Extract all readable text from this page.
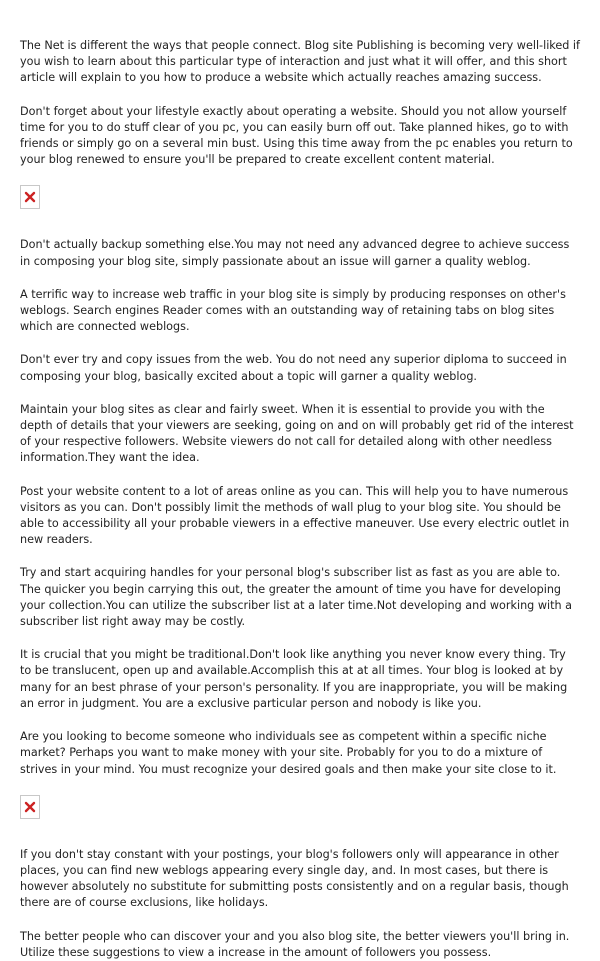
The Net is different the ways that people connect. Blog site Publishing is becoming very well-liked if you wish to learn about this particular type of interaction and just what it will offer, and this short article will explain to you how to produce a website which actually reaches amazing success.

Don't forget about your lifestyle exactly about operating a website. Should you not allow yourself time for you to do stuff clear of you pc, you can easily burn off out. Take planned hikes, go to with friends or simply go on a several min bust. Using this time away from the pc enables you return to your blog renewed to ensure you'll be prepared to create excellent content material.

Don't actually backup something else.You may not need any advanced degree to achieve success in composing your blog site, simply passionate about an issue will garner a quality weblog.

A terrific way to increase web traffic in your blog site is simply by producing responses on other's weblogs. Search engines Reader comes with an outstanding way of retaining tabs on blog sites which are connected weblogs.

Don't ever try and copy issues from the web. You do not need any superior diploma to succeed in composing your blog, basically excited about a topic will garner a quality weblog.

Maintain your blog sites as clear and fairly sweet. When it is essential to provide you with the depth of details that your viewers are seeking, going on and on will probably get rid of the interest of your respective followers. Website viewers do not call for detailed along with other needless information.They want the idea.

Post your website content to a lot of areas online as you can. This will help you to have numerous visitors as you can. Don't possibly limit the methods of wall plug to your blog site. You should be able to accessibility all your probable viewers in a effective maneuver. Use every electric outlet in new readers.

Try and start acquiring handles for your personal blog's subscriber list as fast as you are able to. The quicker you begin carrying this out, the greater the amount of time you have for developing your collection.You can utilize the subscriber list at a later time.Not developing and working with a subscriber list right away may be costly.

It is crucial that you might be traditional.Don't look like anything you never know every thing. Try to be translucent, open up and available.Accomplish this at at all times. Your blog is looked at by many for an best phrase of your person's personality. If you are inappropriate, you will be making an error in judgment. You are a exclusive particular person and nobody is like you.

Are you looking to become someone who individuals see as competent within a specific niche market? Perhaps you want to make money with your site. Probably for you to do a mixture of strives in your mind. You must recognize your desired goals and then make your site close to it.

If you don't stay constant with your postings, your blog's followers only will appearance in other places, you can find new weblogs appearing every single day, and. In most cases, but there is however absolutely no substitute for submitting posts consistently and on a regular basis, though there are of course exclusions, like holidays.

The better people who can discover your and you also blog site, the better viewers you'll bring in. Utilize these suggestions to view a increase in the amount of followers you possess.
